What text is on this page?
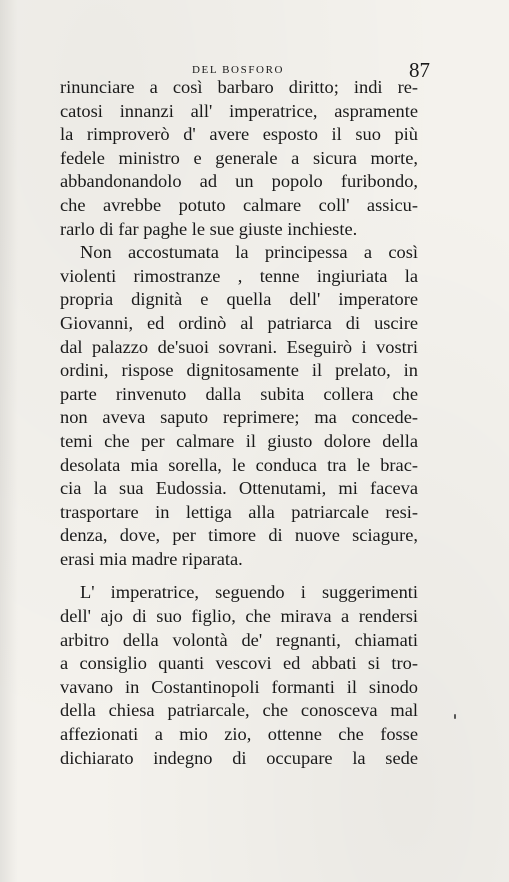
DEL BOSFORO	87
rinunciare a così barbaro diritto; indi re-
catosi innanzi all' imperatrice, aspramente
la rimproverò d' avere esposto il suo più
fedele ministro e generale a sicura morte,
abbandonandolo ad un popolo furibondo,
che avrebbe potuto calmare coll' assicu-
rarlo di far paghe le sue giuste inchieste.
Non accostumata la principessa a così
violenti rimostranze , tenne ingiuriata la
propria dignità e quella dell' imperatore
Giovanni, ed ordinò al patriarca di uscire
dal palazzo de'suoi sovrani. Eseguirò i vostri
ordini, rispose dignitosamente il prelato, in
parte rinvenuto dalla subita collera che
non aveva saputo reprimere; ma concede-
temi che per calmare il giusto dolore della
desolata mia sorella, le conduca tra le brac-
cia la sua Eudossia. Ottenutami, mi faceva
trasportare in lettiga alla patriarcale resi-
denza, dove, per timore di nuove sciagure,
erasi mia madre riparata.
L' imperatrice, seguendo i suggerimenti
dell' ajo di suo figlio, che mirava a rendersi
arbitro della volontà de' regnanti, chiamati
a consiglio quanti vescovi ed abbati si tro-
vavano in Costantinopoli formanti il sinodo
della chiesa patriarcale, che conosceva mal
affezionati a mio zio, ottenne che fosse
dichiarato indegno di occupare la sede
